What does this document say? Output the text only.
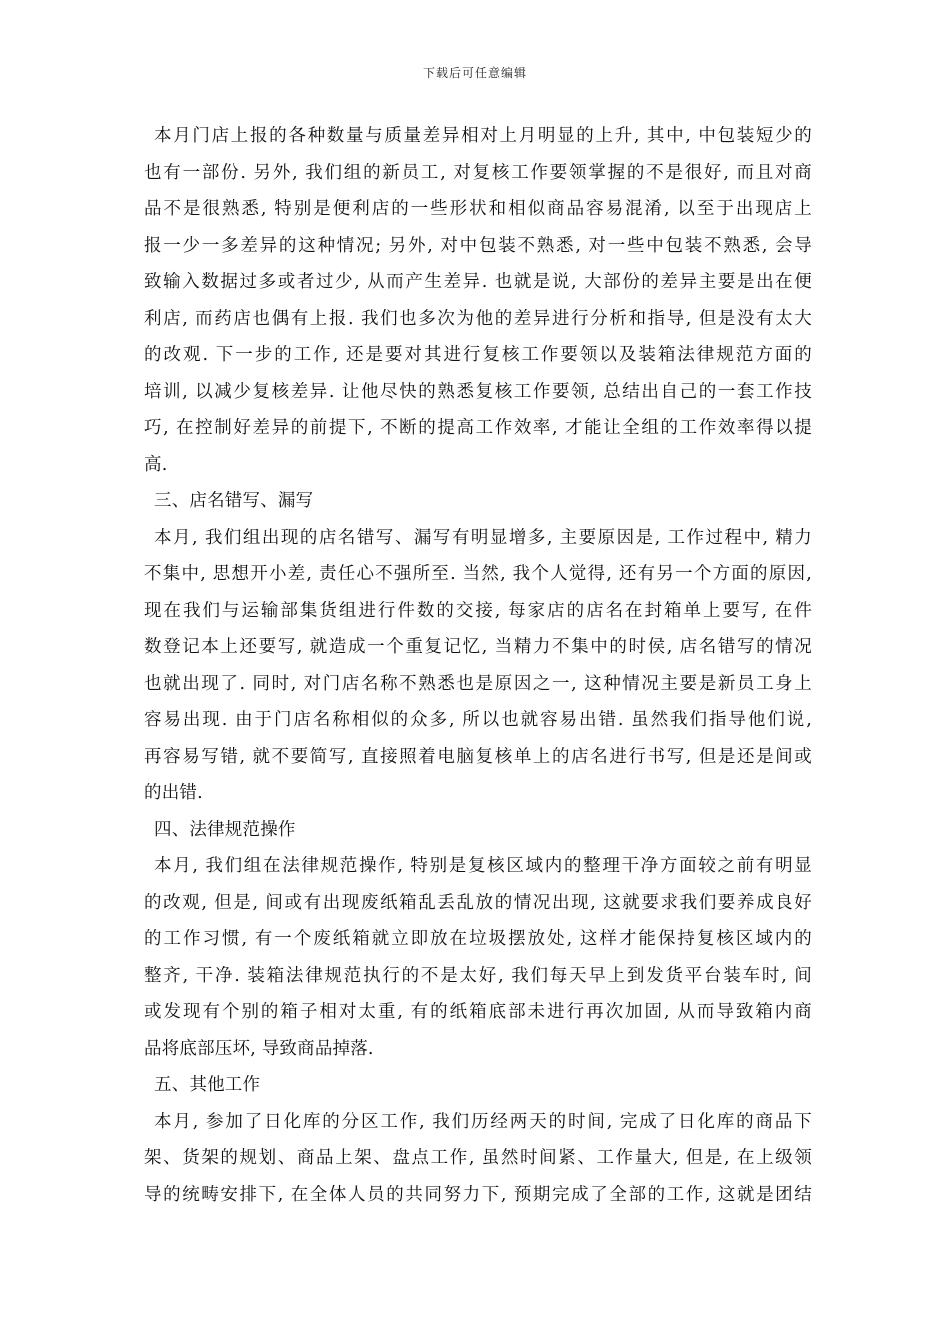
下载后可任意编辑
本月门店上报的各种数量与质量差异相对上月明显的上升, 其中, 中包装短少的
也有一部份. 另外, 我们组的新员工, 对复核工作要领掌握的不是很好, 而且对商
品不是很熟悉, 特别是便利店的一些形状和相似商品容易混淆, 以至于出现店上
报一少一多差异的这种情况; 另外, 对中包装不熟悉, 对一些中包装不熟悉, 会导
致输入数据过多或者过少, 从而产生差异. 也就是说, 大部份的差异主要是出在便
利店, 而药店也偶有上报. 我们也多次为他的差异进行分析和指导, 但是没有太大
的改观. 下一步的工作, 还是要对其进行复核工作要领以及装箱法律规范方面的
培训, 以减少复核差异. 让他尽快的熟悉复核工作要领, 总结出自己的一套工作技
巧, 在控制好差异的前提下, 不断的提高工作效率, 才能让全组的工作效率得以提
高.
三、店名错写、漏写
本月, 我们组出现的店名错写、漏写有明显增多, 主要原因是, 工作过程中, 精力
不集中, 思想开小差, 责任心不强所至. 当然, 我个人觉得, 还有另一个方面的原因,
现在我们与运输部集货组进行件数的交接, 每家店的店名在封箱单上要写, 在件
数登记本上还要写, 就造成一个重复记忆, 当精力不集中的时侯, 店名错写的情况
也就出现了. 同时, 对门店名称不熟悉也是原因之一, 这种情况主要是新员工身上
容易出现. 由于门店名称相似的众多, 所以也就容易出错. 虽然我们指导他们说,
再容易写错, 就不要简写, 直接照着电脑复核单上的店名进行书写, 但是还是间或
的出错.
四、法律规范操作
本月, 我们组在法律规范操作, 特别是复核区域内的整理干净方面较之前有明显
的改观, 但是, 间或有出现废纸箱乱丢乱放的情况出现, 这就要求我们要养成良好
的工作习惯, 有一个废纸箱就立即放在垃圾摆放处, 这样才能保持复核区域内的
整齐, 干净. 装箱法律规范执行的不是太好, 我们每天早上到发货平台装车时, 间
或发现有个别的箱子相对太重, 有的纸箱底部未进行再次加固, 从而导致箱内商
品将底部压坏, 导致商品掉落.
五、其他工作
本月, 参加了日化库的分区工作, 我们历经两天的时间, 完成了日化库的商品下
架、货架的规划、商品上架、盘点工作, 虽然时间紧、工作量大, 但是, 在上级领
导的统畴安排下, 在全体人员的共同努力下, 预期完成了全部的工作, 这就是团结
